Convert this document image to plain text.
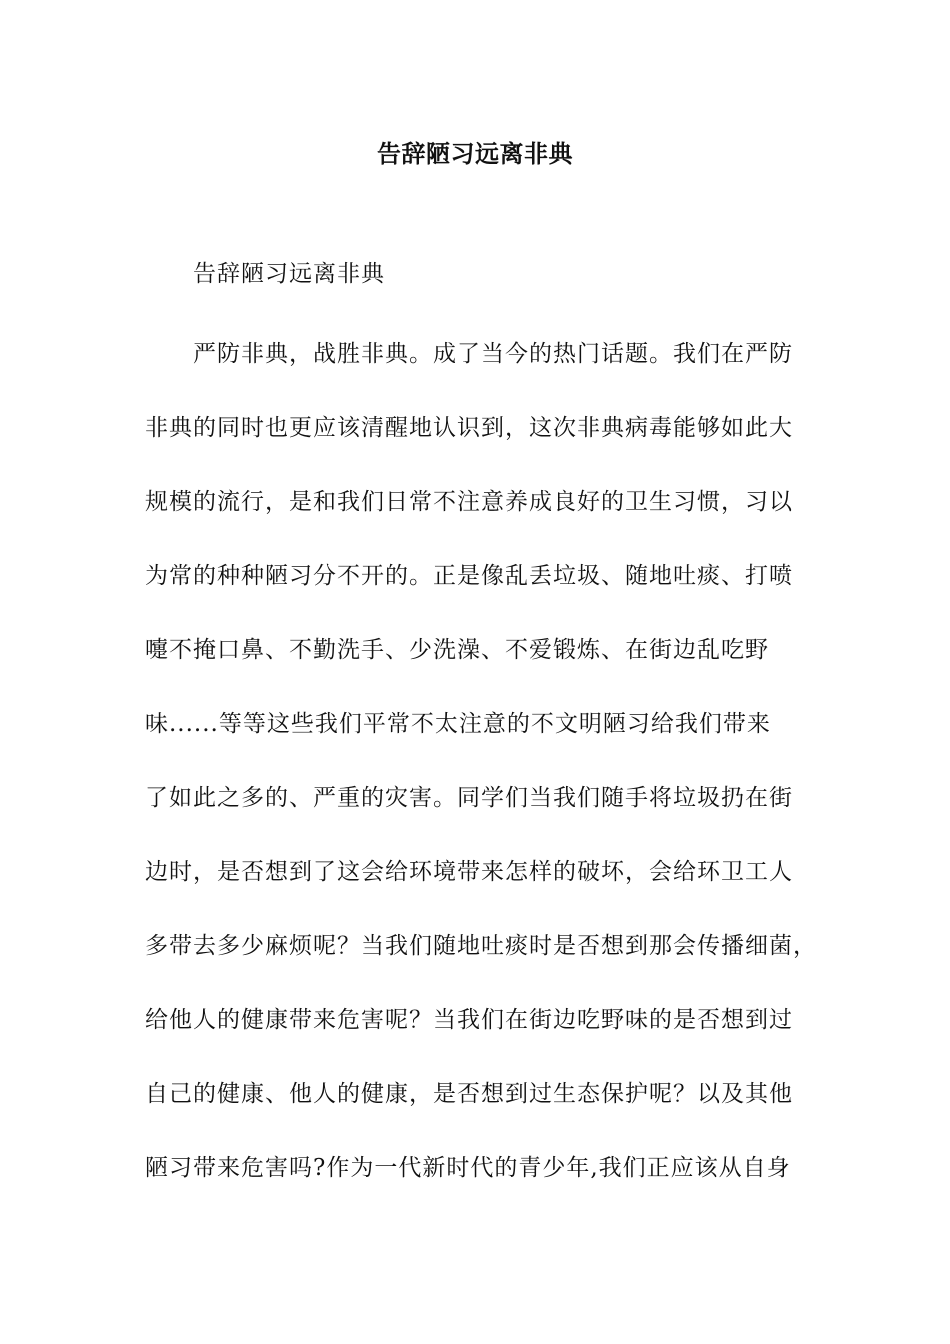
告辞陋习远离非典
告辞陋习远离非典
严防非典，战胜非典。成了当今的热门话题。我们在严防
非典的同时也更应该清醒地认识到，这次非典病毒能够如此大
规模的流行，是和我们日常不注意养成良好的卫生习惯，习以
为常的种种陋习分不开的。正是像乱丢垃圾、随地吐痰、打喷
嚏不掩口鼻、不勤洗手、少洗澡、不爱锻炼、在街边乱吃野
味......等等这些我们平常不太注意的不文明陋习给我们带来
了如此之多的、严重的灾害。同学们当我们随手将垃圾扔在街
边时，是否想到了这会给环境带来怎样的破坏，会给环卫工人
多带去多少麻烦呢？当我们随地吐痰时是否想到那会传播细菌，
给他人的健康带来危害呢？当我们在街边吃野味的是否想到过
自己的健康、他人的健康，是否想到过生态保护呢？以及其他
陋习带来危害吗?作为一代新时代的青少年,我们正应该从自身
